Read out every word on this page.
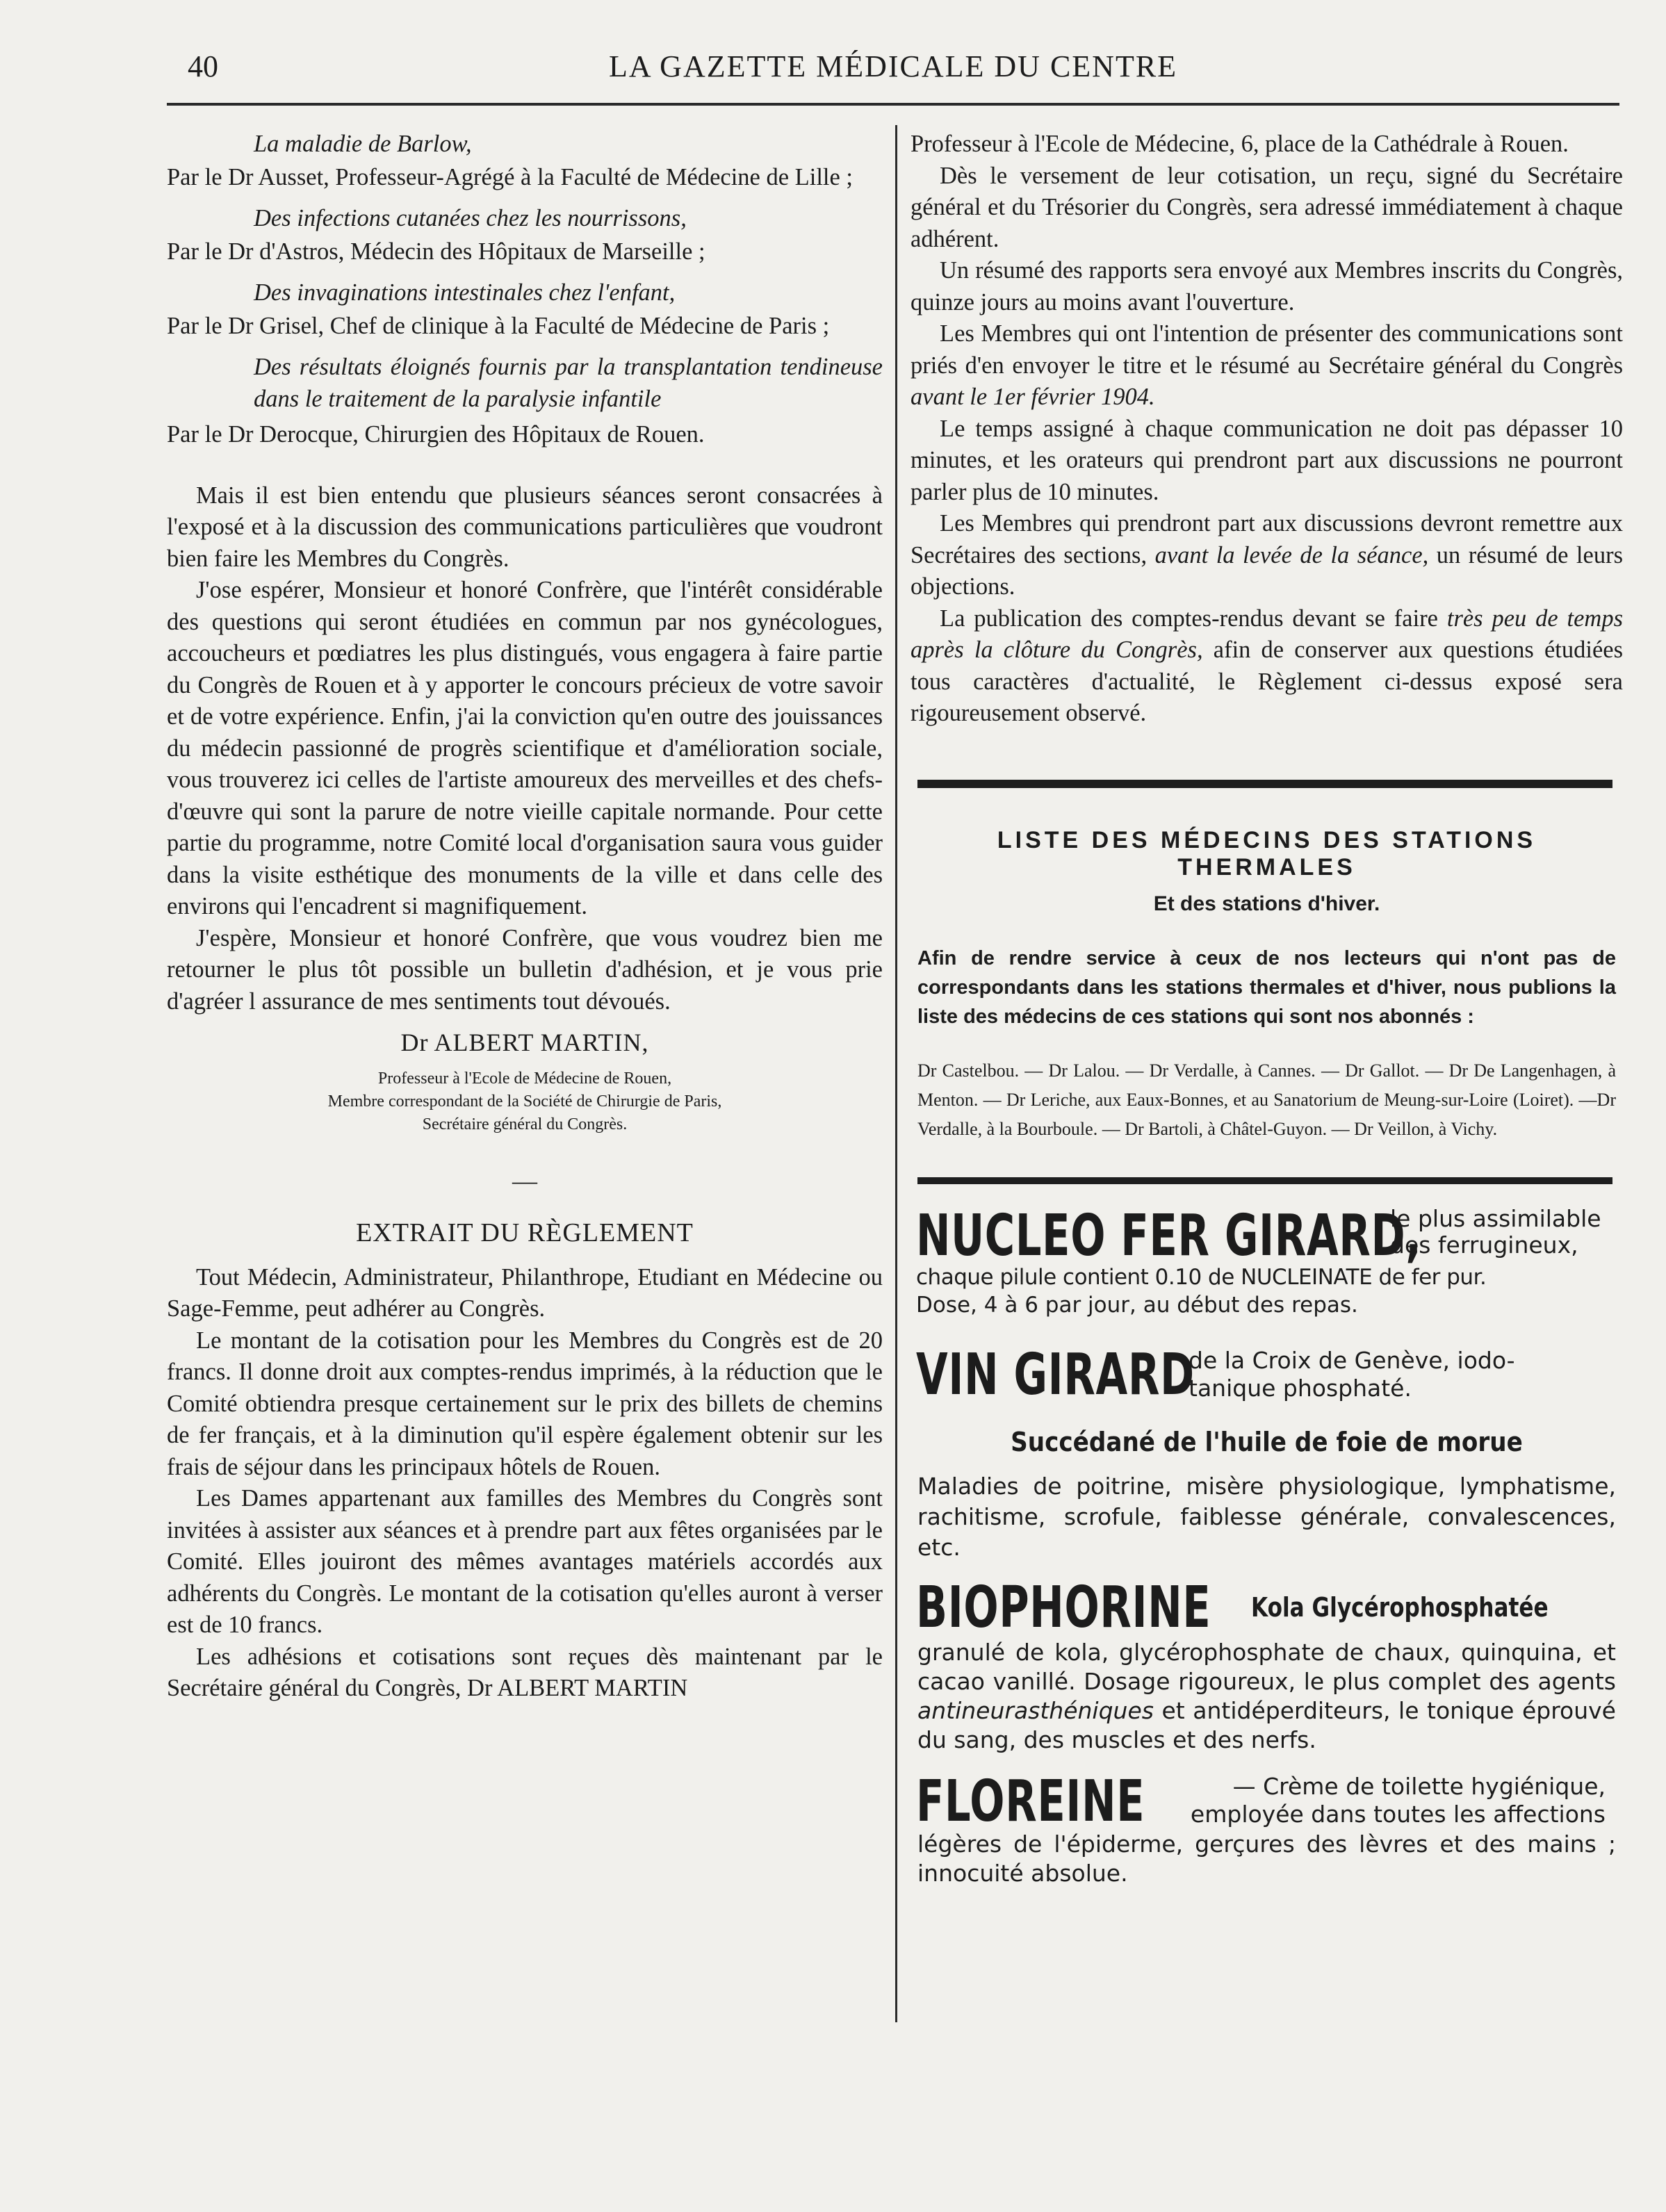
40	LA GAZETTE MÉDICALE DU CENTRE
La maladie de Barlow,
Par le Dr Ausset, Professeur-Agrégé à la Faculté de Médecine de Lille ;
Des infections cutanées chez les nourrissons,
Par le Dr d'Astros, Médecin des Hôpitaux de Marseille ;
Des invaginations intestinales chez l'enfant,
Par le Dr Grisel, Chef de clinique à la Faculté de Médecine de Paris ;
Des résultats éloignés fournis par la transplantation tendineuse dans le traitement de la paralysie infantile
Par le Dr Derocque, Chirurgien des Hôpitaux de Rouen.

Mais il est bien entendu que plusieurs séances seront consacrées à l'exposé et à la discussion des communications particulières que voudront bien faire les Membres du Congrès.

J'ose espérer, Monsieur et honoré Confrère, que l'intérêt considérable des questions qui seront étudiées en commun par nos gynécologues, accoucheurs et pœdiatres les plus distingués, vous engagera à faire partie du Congrès de Rouen et à y apporter le concours précieux de votre savoir et de votre expérience. Enfin, j'ai la conviction qu'en outre des jouissances du médecin passionné de progrès scientifique et d'amélioration sociale, vous trouverez ici celles de l'artiste amoureux des merveilles et des chefs-d'œuvre qui sont la parure de notre vieille capitale normande. Pour cette partie du programme, notre Comité local d'organisation saura vous guider dans la visite esthétique des monuments de la ville et dans celle des environs qui l'encadrent si magnifiquement.

J'espère, Monsieur et honoré Confrère, que vous voudrez bien me retourner le plus tôt possible un bulletin d'adhésion, et je vous prie d'agréer l assurance de mes sentiments tout dévoués.

Dr ALBERT MARTIN,
Professeur à l'Ecole de Médecine de Rouen,
Membre correspondant de la Société de Chirurgie de Paris,
Secrétaire général du Congrès.
—
EXTRAIT DU RÈGLEMENT

Tout Médecin, Administrateur, Philanthrope, Etudiant en Médecine ou Sage-Femme, peut adhérer au Congrès.

Le montant de la cotisation pour les Membres du Congrès est de 20 francs. Il donne droit aux comptes-rendus imprimés, à la réduction que le Comité obtiendra presque certainement sur le prix des billets de chemins de fer français, et à la diminution qu'il espère également obtenir sur les frais de séjour dans les principaux hôtels de Rouen.

Les Dames appartenant aux familles des Membres du Congrès sont invitées à assister aux séances et à prendre part aux fêtes organisées par le Comité. Elles jouiront des mêmes avantages matériels accordés aux adhérents du Congrès. Le montant de la cotisation qu'elles auront à verser est de 10 francs.

Les adhésions et cotisations sont reçues dès maintenant par le Secrétaire général du Congrès, Dr ALBERT MARTIN

Professeur à l'Ecole de Médecine, 6, place de la Cathédrale à Rouen.

Dès le versement de leur cotisation, un reçu, signé du Secrétaire général et du Trésorier du Congrès, sera adressé immédiatement à chaque adhérent.

Un résumé des rapports sera envoyé aux Membres inscrits du Congrès, quinze jours au moins avant l'ouverture.

Les Membres qui ont l'intention de présenter des communications sont priés d'en envoyer le titre et le résumé au Secrétaire général du Congrès avant le 1er février 1904.

Le temps assigné à chaque communication ne doit pas dépasser 10 minutes, et les orateurs qui prendront part aux discussions ne pourront parler plus de 10 minutes.

Les Membres qui prendront part aux discussions devront remettre aux Secrétaires des sections, avant la levée de la séance, un résumé de leurs objections.

La publication des comptes-rendus devant se faire très peu de temps après la clôture du Congrès, afin de conserver aux questions étudiées tous caractères d'actualité, le Règlement ci-dessus exposé sera rigoureusement observé.

LISTE DES MÉDECINS DES STATIONS THERMALES
Et des stations d'hiver.
Afin de rendre service à ceux de nos lecteurs qui n'ont pas de correspondants dans les stations thermales et d'hiver, nous publions la liste des médecins de ces stations qui sont nos abonnés :
Dr Castelbou. — Dr Lalou. — Dr Verdalle, à Cannes. — Dr Gallot. — Dr De Langenhagen, à Menton. — Dr Leriche, aux Eaux-Bonnes, et au Sanatorium de Meung-sur-Loire (Loiret). —Dr Verdalle, à la Bourboule. — Dr Bartoli, à Châtel-Guyon. — Dr Veillon, à Vichy.
NUCLEO FER GIRARD,
le plus assimilable
des ferrugineux,
chaque pilule contient 0.10 de NUCLEINATE de fer pur.
Dose, 4 à 6 par jour, au début des repas.
VIN GIRARD
de la Croix de Genève, iodo-
tanique phosphaté.
Succédané de l'huile de foie de morue
Maladies de poitrine, misère physiologique, lymphatisme, rachitisme, scrofule, faiblesse générale, convalescences, etc.
BIOPHORINE Kola Glycérophosphatée
granulé de kola, glycérophosphate de chaux, quinquina, et cacao vanillé. Dosage rigoureux, le plus complet des agents antineurasthéniques et antidéperditeurs, le tonique éprouvé du sang, des muscles et des nerfs.
FLOREINE	— Crème de toilette hygiénique,
employée dans toutes les affections
légères de l'épiderme, gerçures des lèvres et des mains ; innocuité absolue.
